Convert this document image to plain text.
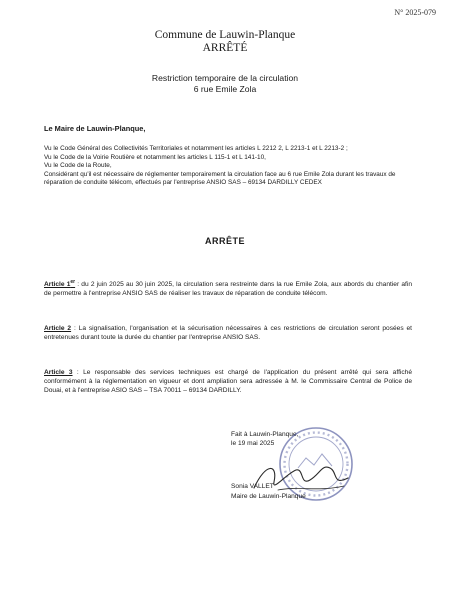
N° 2025-079
Commune de Lauwin-Planque
ARRÊTÉ
Restriction temporaire de la circulation
6 rue Emile Zola
Le Maire de Lauwin-Planque,

Vu le Code Général des Collectivités Territoriales et notamment les articles L 2212 2, L 2213-1 et L 2213-2 ;

Vu le Code de la Voirie Routière et notamment les articles L 115-1 et L 141-10,

Vu le Code de la Route,

Considérant qu'il est nécessaire de réglementer temporairement la circulation face au 6 rue Emile Zola durant les travaux de réparation de conduite télécom, effectués par l'entreprise ANSIO SAS – 69134 DARDILLY CEDEX

ARRÊTE

Article 1er : du 2 juin 2025 au 30 juin 2025, la circulation sera restreinte dans la rue Emile Zola, aux abords du chantier afin de permettre à l'entreprise ANSIO SAS de réaliser les travaux de réparation de conduite télécom.

Article 2 : La signalisation, l'organisation et la sécurisation nécessaires à ces restrictions de circulation seront posées et entretenues durant toute la durée du chantier par l'entreprise ANSIO SAS.

Article 3 : Le responsable des services techniques est chargé de l'application du présent arrêté qui sera affiché conformément à la réglementation en vigueur et dont ampliation sera adressée à M. le Commissaire Central de Police de Douai, et à l'entreprise ASIO SAS – TSA 70011 – 69134 DARDILLY.

Fait à Lauwin-Planque,
le 19 mai 2025
Sonia VALLET
Maire de Lauwin-Planque
